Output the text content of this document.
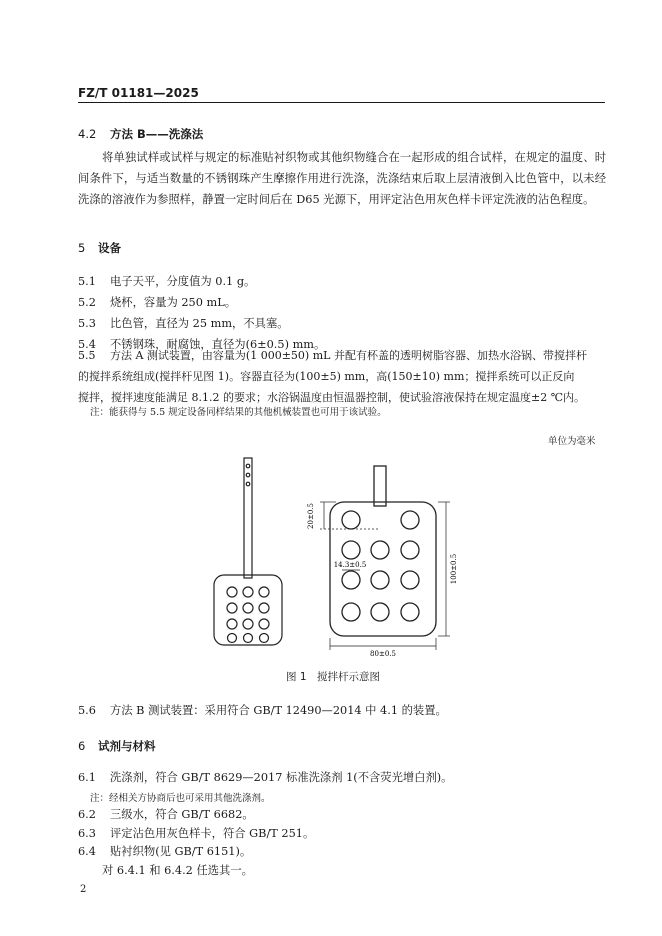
FZ/T 01181—2025
4.2 方法 B——洗涤法
将单独试样或试样与规定的标准贴衬织物或其他织物缝合在一起形成的组合试样，在规定的温度、时间条件下，与适当数量的不锈钢珠产生摩擦作用进行洗涤，洗涤结束后取上层清液倒入比色管中，以未经洗涤的溶液作为参照样，静置一定时间后在 D65 光源下，用评定沾色用灰色样卡评定洗液的沾色程度。
5 设备
5.1 电子天平，分度值为 0.1 g。
5.2 烧杯，容量为 250 mL。
5.3 比色管，直径为 25 mm，不具塞。
5.4 不锈钢珠，耐腐蚀，直径为(6±0.5) mm。
5.5 方法 A 测试装置，由容量为(1 000±50) mL 并配有杯盖的透明树脂容器、加热水浴锅、带搅拌杆
的搅拌系统组成(搅拌杆见图 1)。容器直径为(100±5) mm，高(150±10) mm；搅拌系统可以正反向
搅拌，搅拌速度能满足 8.1.2 的要求；水浴锅温度由恒温器控制，使试验溶液保持在规定温度±2 ℃内。
注：能获得与 5.5 规定设备同样结果的其他机械装置也可用于该试验。
单位为毫米
20±0.5
14.3±0.5	100±0.5
80±0.5
图 1　搅拌杆示意图
5.6 方法 B 测试装置：采用符合 GB/T 12490—2014 中 4.1 的装置。
6 试剂与材料
6.1 洗涤剂，符合 GB/T 8629—2017 标准洗涤剂 1(不含荧光增白剂)。
注：经相关方协商后也可采用其他洗涤剂。
6.2 三级水，符合 GB/T 6682。
6.3 评定沾色用灰色样卡，符合 GB/T 251。
6.4 贴衬织物(见 GB/T 6151)。
对 6.4.1 和 6.4.2 任选其一。
2
